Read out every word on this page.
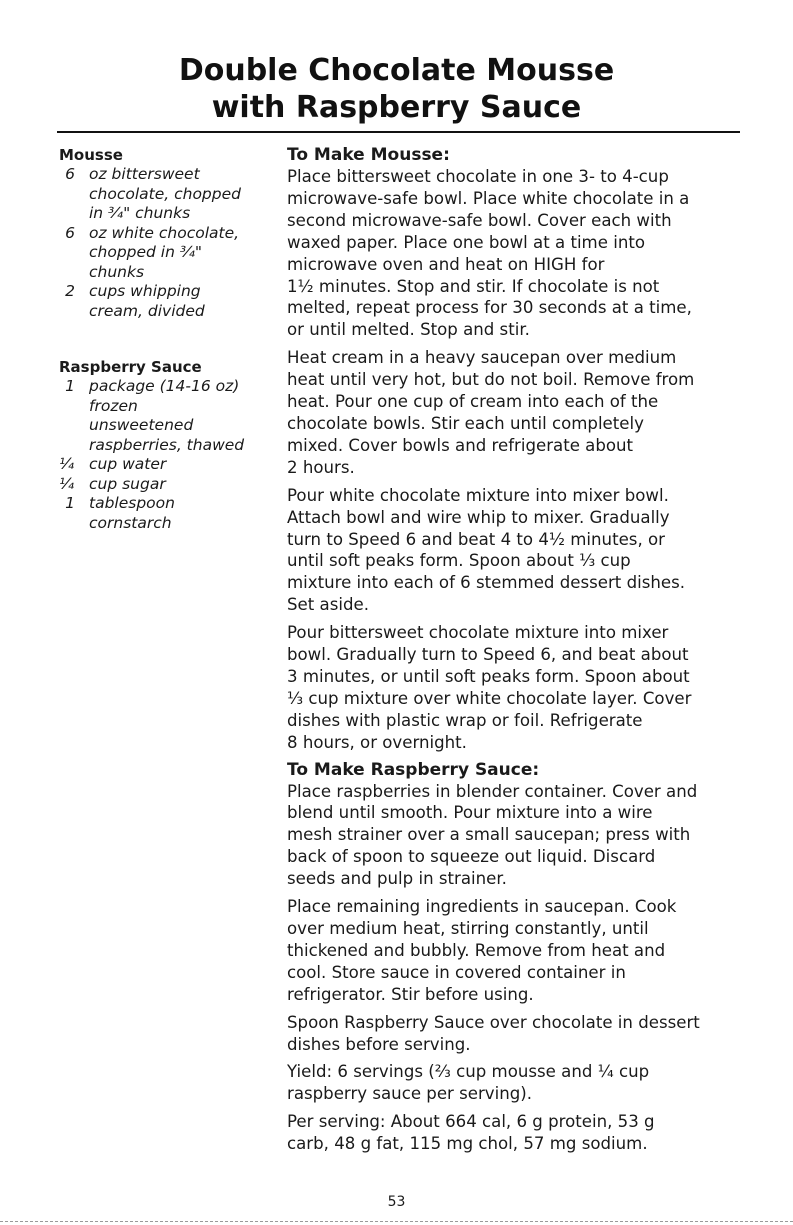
Double Chocolate Mousse
with Raspberry Sauce
Mousse
6 oz bittersweet
chocolate, chopped
in ¾" chunks
6 oz white chocolate,
chopped in ¾"
chunks
2 cups whipping
cream, divided
Raspberry Sauce
1 package (14-16 oz)
frozen
unsweetened
raspberries, thawed
¼ cup water
¼ cup sugar
1 tablespoon
cornstarch
To Make Mousse:

Place bittersweet chocolate in one 3- to 4-cup
microwave-safe bowl. Place white chocolate in a
second microwave-safe bowl. Cover each with
waxed paper. Place one bowl at a time into
microwave oven and heat on HIGH for
1½ minutes. Stop and stir. If chocolate is not
melted, repeat process for 30 seconds at a time,
or until melted. Stop and stir.

Heat cream in a heavy saucepan over medium
heat until very hot, but do not boil. Remove from
heat. Pour one cup of cream into each of the
chocolate bowls. Stir each until completely
mixed. Cover bowls and refrigerate about
2 hours.

Pour white chocolate mixture into mixer bowl.
Attach bowl and wire whip to mixer. Gradually
turn to Speed 6 and beat 4 to 4½ minutes, or
until soft peaks form. Spoon about ⅓ cup
mixture into each of 6 stemmed dessert dishes.
Set aside.

Pour bittersweet chocolate mixture into mixer
bowl. Gradually turn to Speed 6, and beat about
3 minutes, or until soft peaks form. Spoon about
⅓ cup mixture over white chocolate layer. Cover
dishes with plastic wrap or foil. Refrigerate
8 hours, or overnight.

To Make Raspberry Sauce:

Place raspberries in blender container. Cover and
blend until smooth. Pour mixture into a wire
mesh strainer over a small saucepan; press with
back of spoon to squeeze out liquid. Discard
seeds and pulp in strainer.

Place remaining ingredients in saucepan. Cook
over medium heat, stirring constantly, until
thickened and bubbly. Remove from heat and
cool. Store sauce in covered container in
refrigerator. Stir before using.

Spoon Raspberry Sauce over chocolate in dessert
dishes before serving.

Yield: 6 servings (⅔ cup mousse and ¼ cup
raspberry sauce per serving).

Per serving: About 664 cal, 6 g protein, 53 g
carb, 48 g fat, 115 mg chol, 57 mg sodium.

53
